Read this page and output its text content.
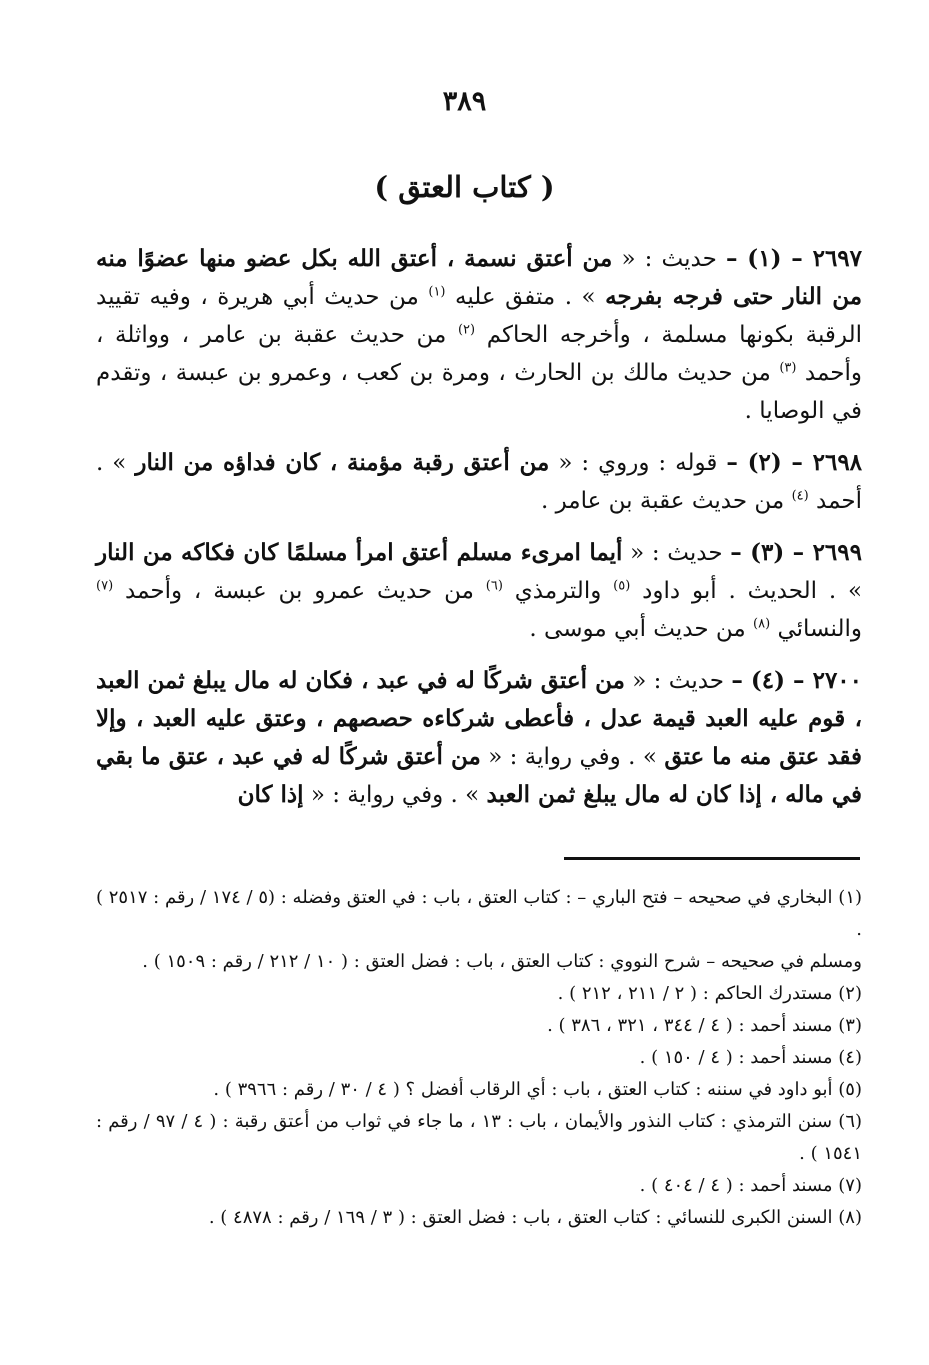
٣٨٩
( كتاب العتق )

٢٦٩٧ – (١) – حديث : « من أعتق نسمة ، أعتق الله بكل عضو منها عضوًا منه من النار حتى فرجه بفرجه » . متفق عليه $^{(١)}$ من حديث أبي هريرة ، وفيه تقييد الرقبة بكونها مسلمة ، وأخرجه الحاكم $^{(٢)}$ من حديث عقبة بن عامر ، وواثلة ، وأحمد $^{(٣)}$ من حديث مالك بن الحارث ، ومرة بن كعب ، وعمرو بن عبسة ، وتقدم في الوصايا .

٢٦٩٨ – (٢) – قوله : وروي : « من أعتق رقبة مؤمنة ، كان فداؤه من النار » . أحمد $^{(٤)}$ من حديث عقبة بن عامر .

٢٦٩٩ – (٣) – حديث : « أيما امرىء مسلم أعتق امرأ مسلمًا كان فكاكه من النار » . الحديث . أبو داود $^{(٥)}$ والترمذي $^{(٦)}$ من حديث عمرو بن عبسة ، وأحمد $^{(٧)}$ والنسائي $^{(٨)}$ من حديث أبي موسى .

٢٧٠٠ – (٤) – حديث : « من أعتق شركًا له في عبد ، فكان له مال يبلغ ثمن العبد ، قوم عليه العبد قيمة عدل ، فأعطى شركاءه حصصهم ، وعتق عليه العبد ، وإلا فقد عتق منه ما عتق » . وفي رواية : « من أعتق شركًا له في عبد ، عتق ما بقي في ماله ، إذا كان له مال يبلغ ثمن العبد » . وفي رواية : « إذا كان

(١) البخاري في صحيحه – فتح الباري – : كتاب العتق ، باب : في العتق وفضله : (٥ / ١٧٤ / رقم : ٢٥١٧ ) .

ومسلم في صحيحه – شرح النووي : كتاب العتق ، باب : فضل العتق : ( ١٠ / ٢١٢ / رقم : ١٥٠٩ ) .

(٢) مستدرك الحاكم : ( ٢ / ٢١١ ، ٢١٢ ) .

(٣) مسند أحمد : ( ٤ / ٣٤٤ ، ٣٢١ ، ٣٨٦ ) .

(٤) مسند أحمد : ( ٤ / ١٥٠ ) .

(٥) أبو داود في سننه : كتاب العتق ، باب : أي الرقاب أفضل ؟ ( ٤ / ٣٠ / رقم : ٣٩٦٦ ) .

(٦) سنن الترمذي : كتاب النذور والأيمان ، باب : ١٣ ، ما جاء في ثواب من أعتق رقبة : ( ٤ / ٩٧ / رقم : ١٥٤١ ) .

(٧) مسند أحمد : ( ٤ / ٤٠٤ ) .

(٨) السنن الكبرى للنسائي : كتاب العتق ، باب : فضل العتق : ( ٣ / ١٦٩ / رقم : ٤٨٧٨ ) .
